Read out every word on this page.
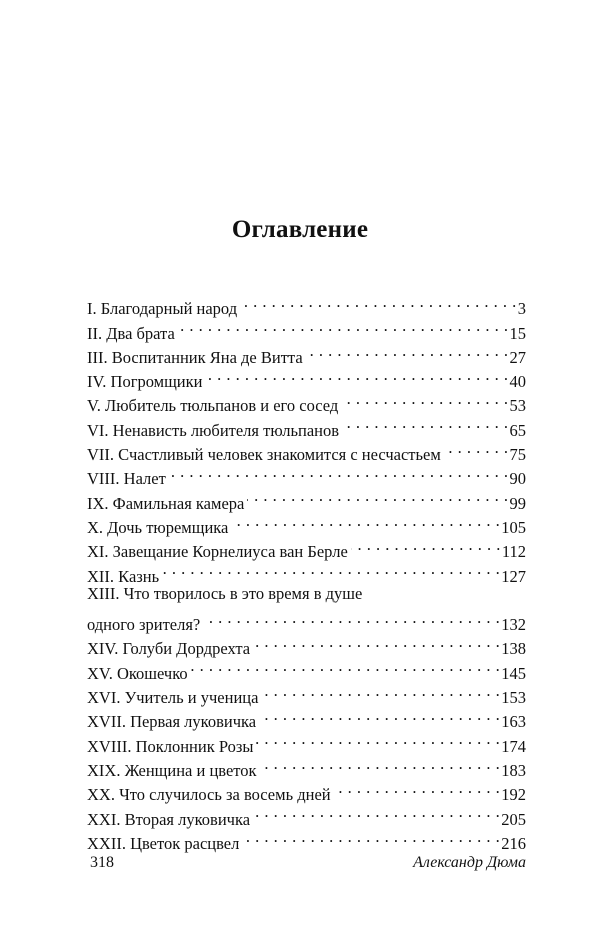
Оглавление
I. Благодарный народ . . .	3
II. Два брата . . .	15
III. Воспитанник Яна де Витта . . .	27
IV. Погромщики . . .	40
V. Любитель тюльпанов и его сосед . . .	53
VI. Ненависть любителя тюльпанов . . .	65
VII. Счастливый человек знакомится с несчастьем . . .	75
VIII. Налет . . .	90
IX. Фамильная камера . . .	99
X. Дочь тюремщика . . .	105
XI. Завещание Корнелиуса ван Берле . . .	112
XII. Казнь . . .	127
XIII. Что творилось в это время в душе
одного зрителя? . . .	132
XIV. Голуби Дордрехта . . .	138
XV. Окошечко . . .	145
XVI. Учитель и ученица . . .	153
XVII. Первая луковичка . . .	163
XVIII. Поклонник Розы . . .	174
XIX. Женщина и цветок . . .	183
XX. Что случилось за восемь дней . . .	192
XXI. Вторая луковичка . . .	205
XXII. Цветок расцвел . . .	216
318	Александр Дюма
